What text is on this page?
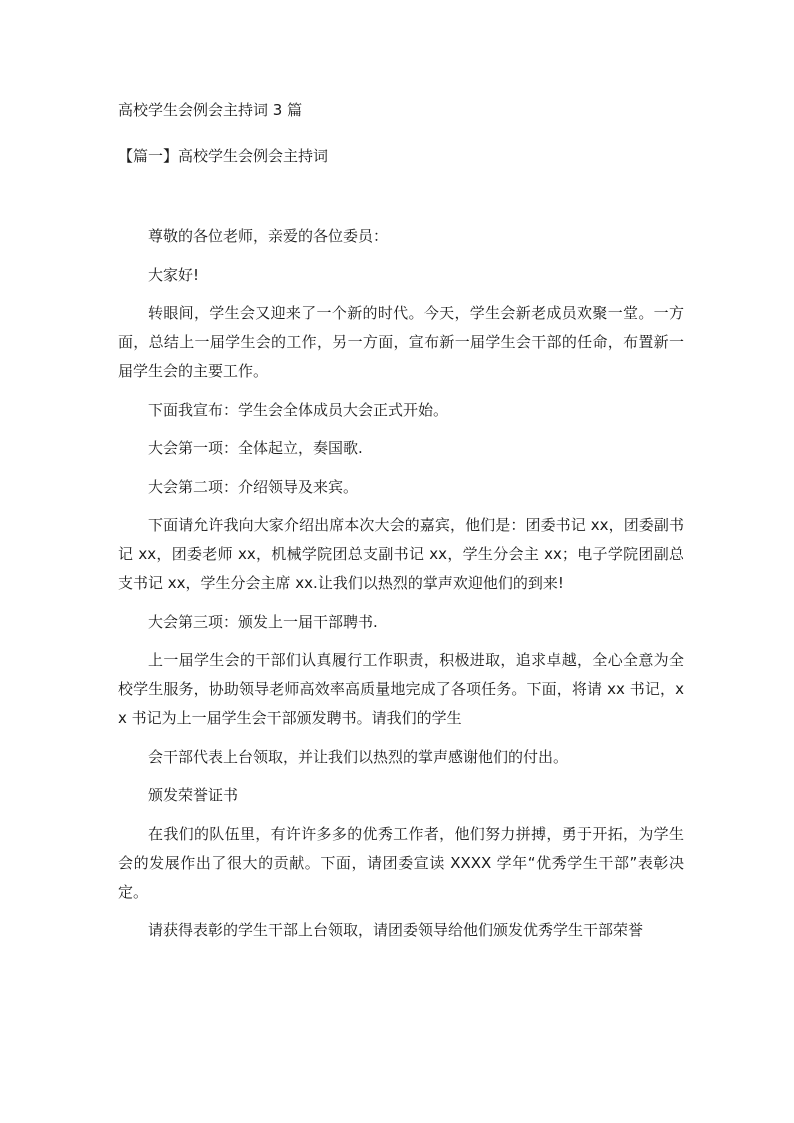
高校学生会例会主持词 3 篇
【篇一】高校学生会例会主持词

尊敬的各位老师，亲爱的各位委员：

大家好!

转眼间，学生会又迎来了一个新的时代。今天，学生会新老成员欢聚一堂。一方面，总结上一届学生会的工作，另一方面，宣布新一届学生会干部的任命，布置新一届学生会的主要工作。

下面我宣布：学生会全体成员大会正式开始。

大会第一项：全体起立，奏国歌.

大会第二项：介绍领导及来宾。

下面请允许我向大家介绍出席本次大会的嘉宾，他们是：团委书记 xx，团委副书记 xx，团委老师 xx，机械学院团总支副书记 xx，学生分会主 xx；电子学院团副总支书记 xx，学生分会主席 xx.让我们以热烈的掌声欢迎他们的到来!

大会第三项：颁发上一届干部聘书.

上一届学生会的干部们认真履行工作职责，积极进取，追求卓越，全心全意为全校学生服务，协助领导老师高效率高质量地完成了各项任务。下面，将请 xx 书记，xx 书记为上一届学生会干部颁发聘书。请我们的学生

会干部代表上台领取，并让我们以热烈的掌声感谢他们的付出。

颁发荣誉证书

在我们的队伍里，有许许多多的优秀工作者，他们努力拼搏，勇于开拓，为学生会的发展作出了很大的贡献。下面，请团委宣读 XXXX 学年“优秀学生干部”表彰决定。

请获得表彰的学生干部上台领取，请团委领导给他们颁发优秀学生干部荣誉
